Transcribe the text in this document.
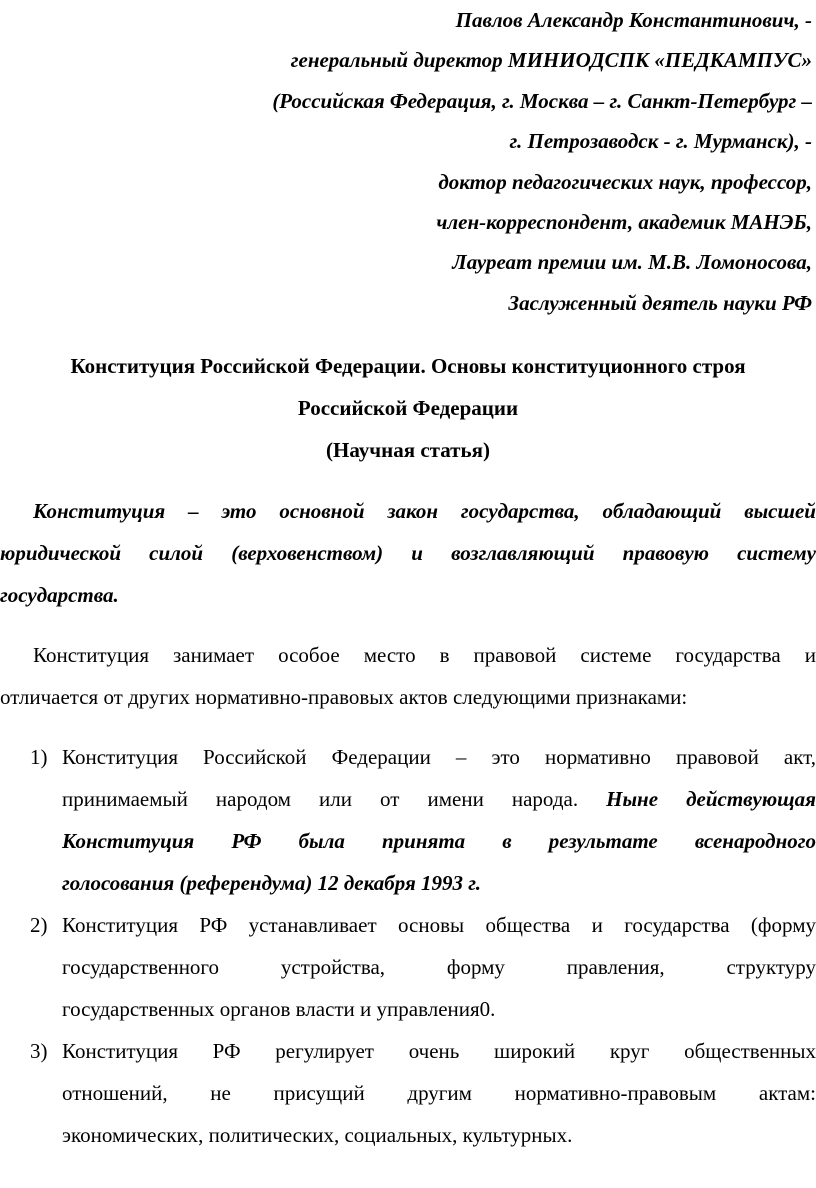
Павлов Александр Константинович, -
генеральный директор МИНИОДСПК «ПЕДКАМПУС»
(Российская Федерация, г. Москва – г. Санкт-Петербург –
г. Петрозаводск - г. Мурманск), -
доктор педагогических наук, профессор,
член-корреспондент, академик МАНЭБ,
Лауреат премии им. М.В. Ломоносова,
Заслуженный деятель науки РФ
Конституция Российской Федерации. Основы конституционного строя
Российской Федерации
(Научная статья)
Конституция – это основной закон государства, обладающий высшей
юридической силой (верховенством) и возглавляющий правовую систему
государства.
Конституция занимает особое место в правовой системе государства и
отличается от других нормативно-правовых актов следующими признаками:
1) Конституция Российской Федерации – это нормативно правовой акт,
принимаемый народом или от имени народа. Ныне действующая
Конституция РФ была принята в результате всенародного
голосования (референдума) 12 декабря 1993 г.
2) Конституция РФ устанавливает основы общества и государства (форму
государственного устройства, форму правления, структуру
государственных органов власти и управления0.
3) Конституция РФ регулирует очень широкий круг общественных
отношений, не присущий другим нормативно-правовым актам:
экономических, политических, социальных, культурных.
